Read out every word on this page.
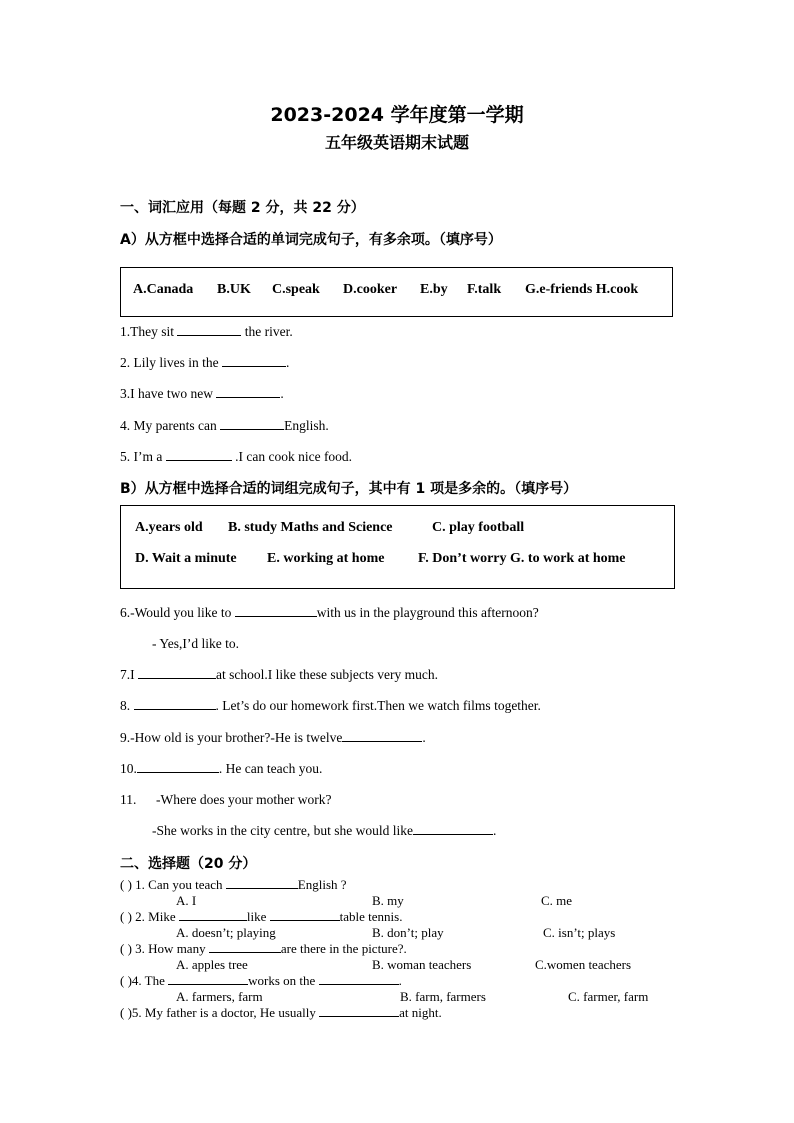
2023-2024 学年度第一学期
五年级英语期末试题
一、词汇应用（每题 2 分，共 22 分）
A）从方框中选择合适的单词完成句子，有多余项。（填序号）
A.Canada B.UK C.speak D.cooker E.by F.talk G.e-friends H.cook
1.They sit	the river.
2. Lily lives in the	.
3.I have two new	.
4. My parents can	English.
5. I’m a	.I can cook nice food.
B）从方框中选择合适的词组完成句子，其中有 1 项是多余的。（填序号）
A.years old B. study Maths and Science	C. play football
D. Wait a minute E. working at home F. Don’t worry G. to work at home
6.-Would you like to	with us in the playground this afternoon?
- Yes,I’d like to.
7.I	at school.I like these subjects very much.
8.	. Let’s do our homework first.Then we watch films together.
9.-How old is your brother?-He is twelve	.
10.	. He can teach you.
11. -Where does your mother work?
-She works in the city centre, but she would like	.
二、选择题（20 分）
( ) 1. Can you teach	English ?
A. I	B. my	C. me
( ) 2. Mike	like	table tennis.
A. doesn’t; playing	B. don’t; play	C. isn’t; plays
( ) 3. How many	are there in the picture?.
A. apples tree	B. woman teachers	C.women teachers
( )4. The	works on the	.
A. farmers, farm	B. farm, farmers	C. farmer, farm
( )5. My father is a doctor, He usually	at night.
